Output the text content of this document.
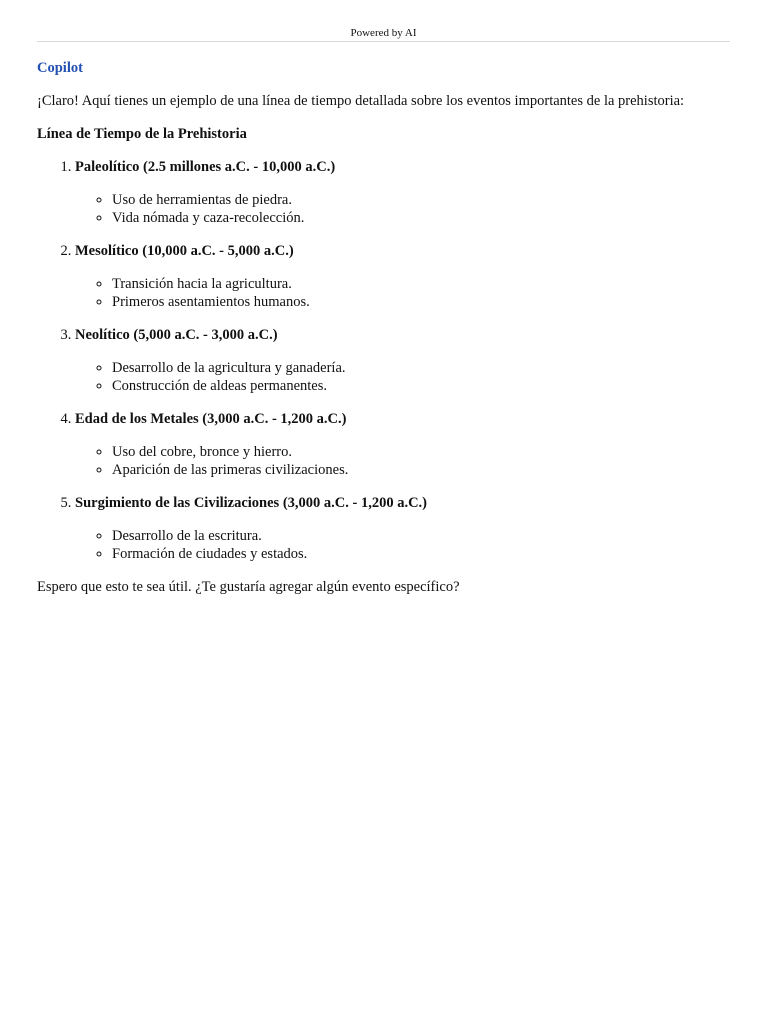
Powered by AI
Copilot

¡Claro! Aquí tienes un ejemplo de una línea de tiempo detallada sobre los eventos importantes de la prehistoria:

Línea de Tiempo de la Prehistoria

1. Paleolítico (2.5 millones a.C. - 10,000 a.C.)
◦ Uso de herramientas de piedra.
◦ Vida nómada y caza-recolección.
2. Mesolítico (10,000 a.C. - 5,000 a.C.)
◦ Transición hacia la agricultura.
◦ Primeros asentamientos humanos.
3. Neolítico (5,000 a.C. - 3,000 a.C.)
◦ Desarrollo de la agricultura y ganadería.
◦ Construcción de aldeas permanentes.
4. Edad de los Metales (3,000 a.C. - 1,200 a.C.)
◦ Uso del cobre, bronce y hierro.
◦ Aparición de las primeras civilizaciones.
5. Surgimiento de las Civilizaciones (3,000 a.C. - 1,200 a.C.)
◦ Desarrollo de la escritura.
◦ Formación de ciudades y estados.

Espero que esto te sea útil. ¿Te gustaría agregar algún evento específico?
